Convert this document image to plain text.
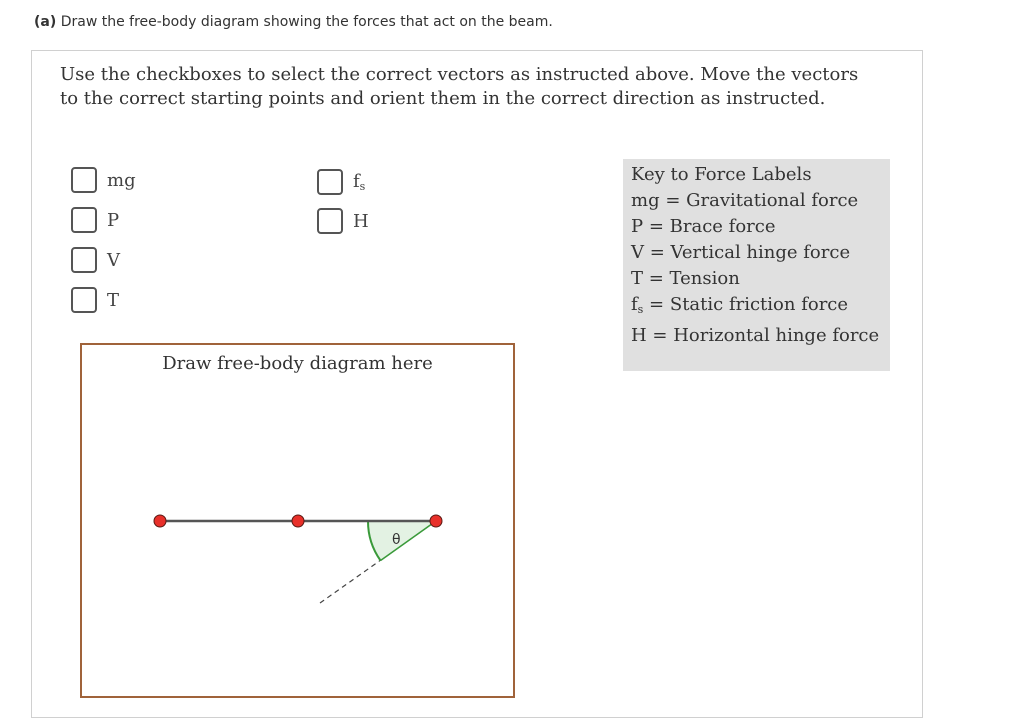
(a) Draw the free-body diagram showing the forces that act on the beam.
Use the checkboxes to select the correct vectors as instructed above. Move the vectors to the correct starting points and orient them in the correct direction as instructed.
mg
P
V
T
$f_s$
H
Key to Force Labels
mg = Gravitational force
P = Brace force
V = Vertical hinge force
T = Tension
$f_s$ = Static friction force
H = Horizontal hinge force
Draw free-body diagram here
θ
